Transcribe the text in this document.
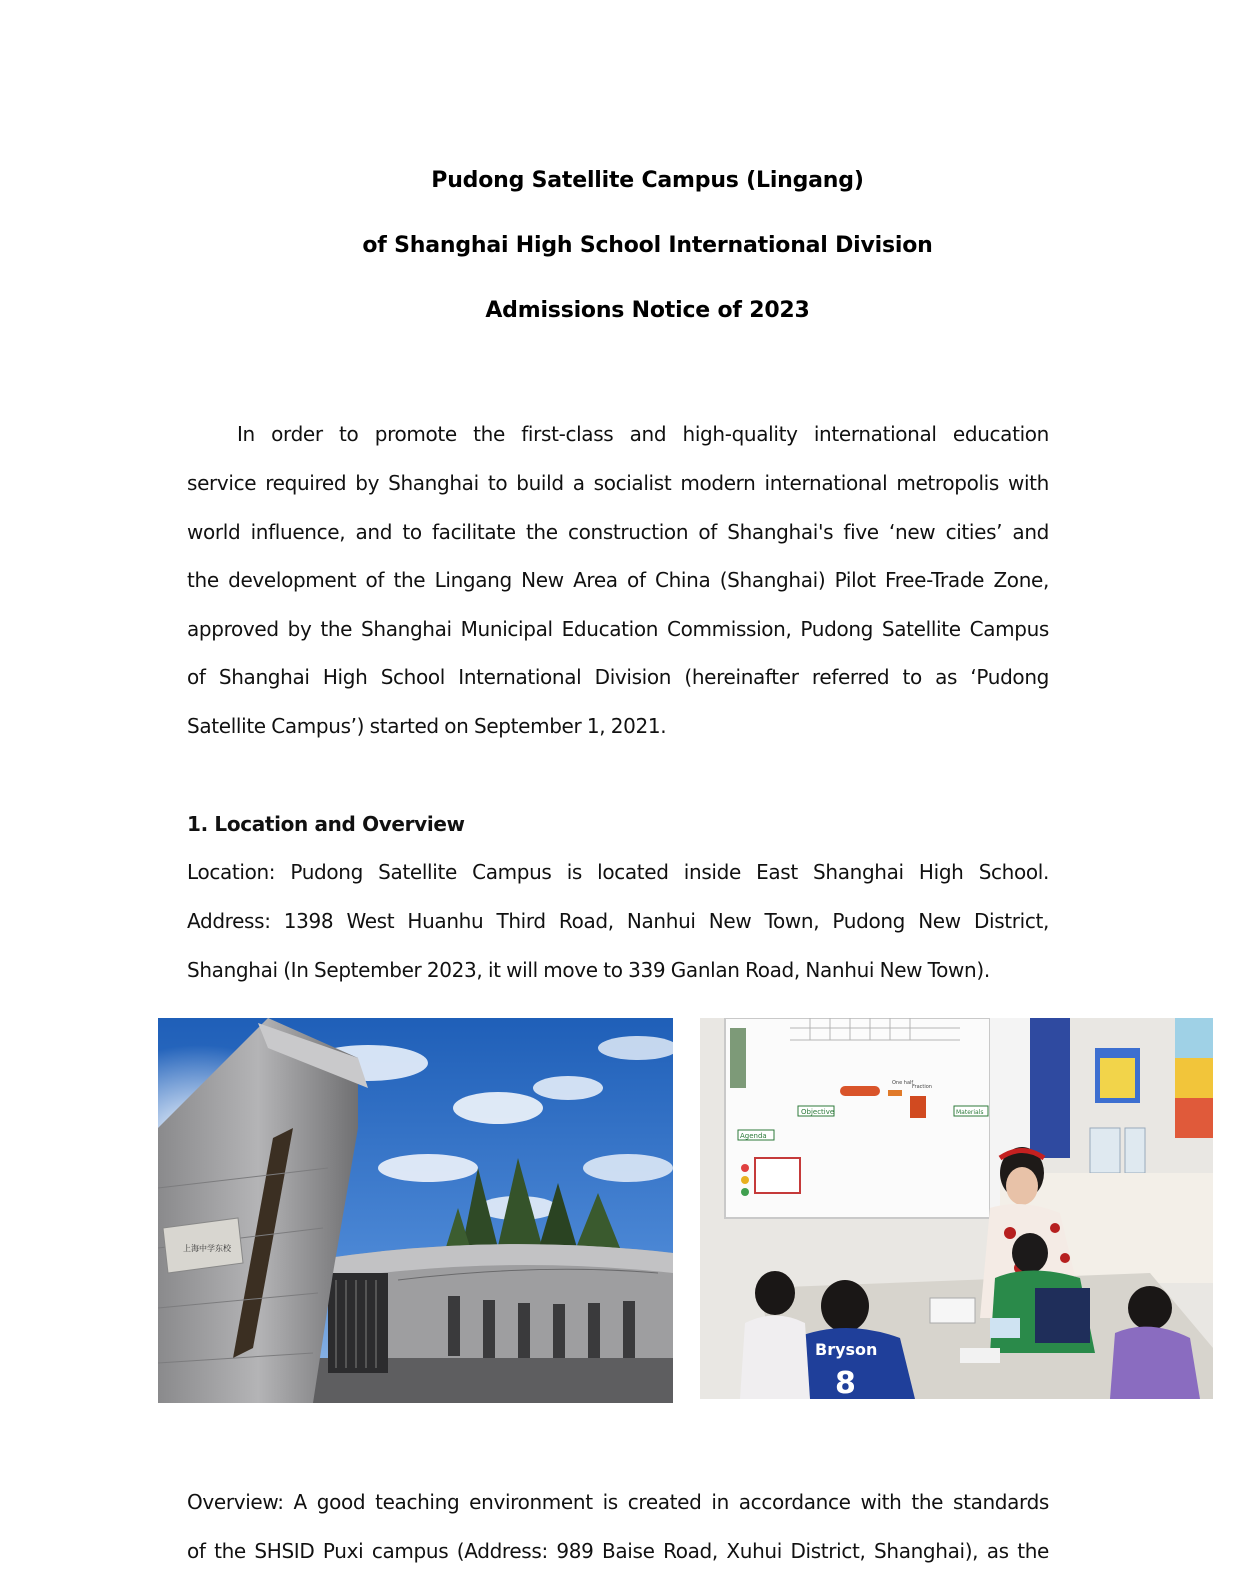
Pudong Satellite Campus (Lingang)
of Shanghai High School International Division
Admissions Notice of 2023
In order to promote the first-class and high-quality international education
service required by Shanghai to build a socialist modern international metropolis with
world influence, and to facilitate the construction of Shanghai's five ‘new cities’ and
the development of the Lingang New Area of China (Shanghai) Pilot Free-Trade Zone,
approved by the Shanghai Municipal Education Commission, Pudong Satellite Campus
of Shanghai High School International Division (hereinafter referred to as ‘Pudong
Satellite Campus’) started on September 1, 2021.
1. Location and Overview
Location: Pudong Satellite Campus is located inside East Shanghai High School.
Address: 1398 West Huanhu Third Road, Nanhui New Town, Pudong New District,
Shanghai (In September 2023, it will move to 339 Ganlan Road, Nanhui New Town).
上海中学东校
One half
Fraction
Objective
Agenda
Materials
Bryson
8
Overview: A good teaching environment is created in accordance with the standards
of the SHSID Puxi campus (Address: 989 Baise Road, Xuhui District, Shanghai), as the
